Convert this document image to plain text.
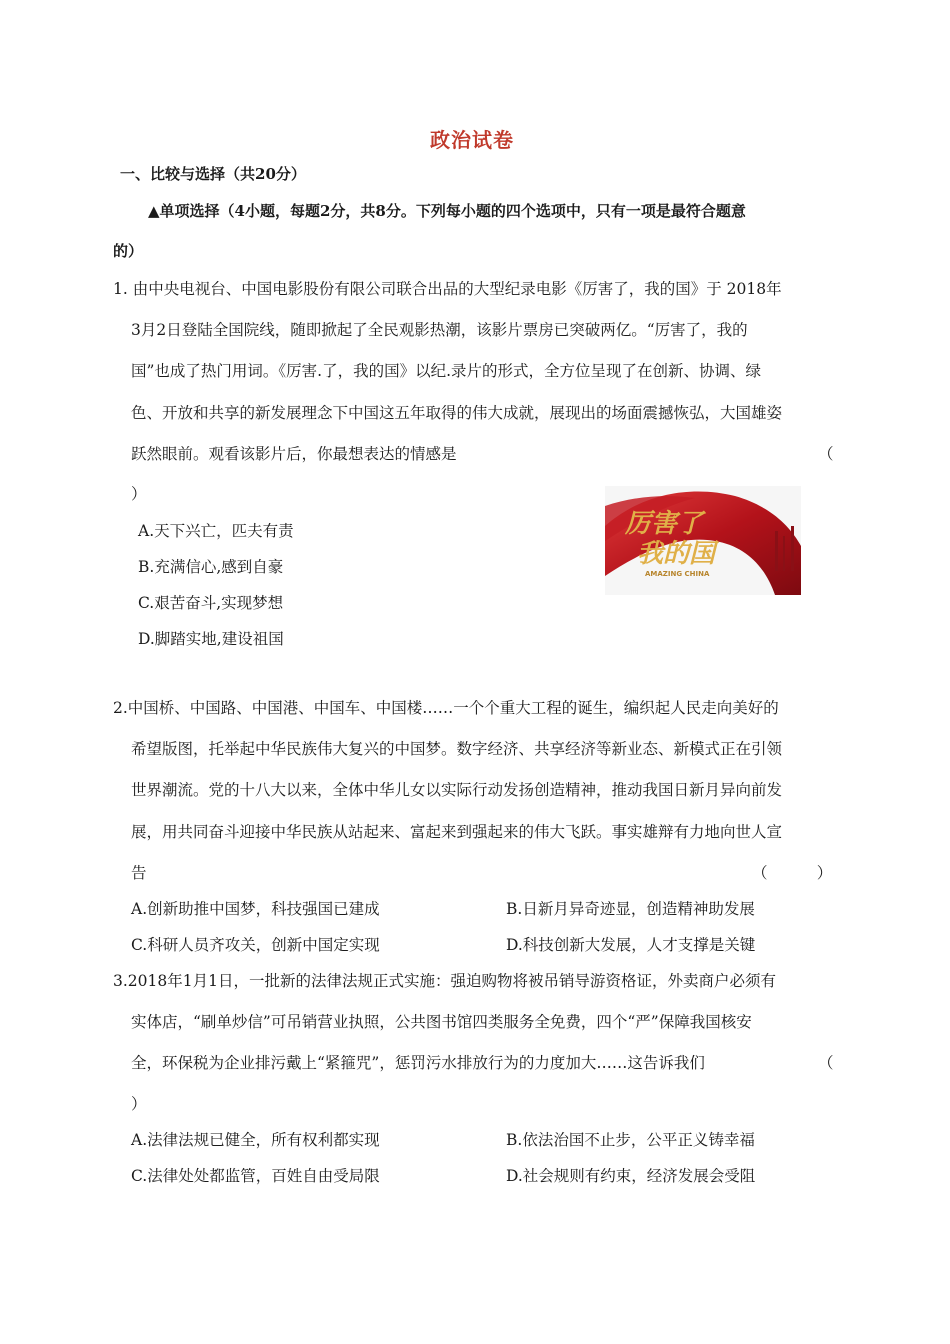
政治试卷
一、比较与选择（共20分）
▲单项选择（4小题，每题2分，共8分。下列每小题的四个选项中，只有一项是最符合题意
的）
1. 由中央电视台、中国电影股份有限公司联合出品的大型纪录电影《厉害了，我的国》于 2018年
3月2日登陆全国院线，随即掀起了全民观影热潮，该影片票房已突破两亿。“厉害了，我的
国”也成了热门用词。《厉害.了，我的国》以纪.录片的形式，全方位呈现了在创新、协调、绿
色、开放和共享的新发展理念下中国这五年取得的伟大成就，展现出的场面震撼恢弘，大国雄姿
跃然眼前。观看该影片后，你最想表达的情感是	（
）
A.天下兴亡，匹夫有责
B.充满信心,感到自豪
C.艰苦奋斗,实现梦想
D.脚踏实地,建设祖国
厉害了
我的国
AMAZING CHINA
2.中国桥、中国路、中国港、中国车、中国楼……一个个重大工程的诞生，编织起人民走向美好的
希望版图，托举起中华民族伟大复兴的中国梦。数字经济、共享经济等新业态、新模式正在引领
世界潮流。党的十八大以来，全体中华儿女以实际行动发扬创造精神，推动我国日新月异向前发
展，用共同奋斗迎接中华民族从站起来、富起来到强起来的伟大飞跃。事实雄辩有力地向世人宣
告	（          ）
A.创新助推中国梦，科技强国已建成	B.日新月异奇迹显，创造精神助发展
C.科研人员齐攻关，创新中国定实现	D.科技创新大发展，人才支撑是关键
3.2018年1月1日，一批新的法律法规正式实施：强迫购物将被吊销导游资格证，外卖商户必须有
实体店，“刷单炒信”可吊销营业执照，公共图书馆四类服务全免费，四个“严”保障我国核安
全，环保税为企业排污戴上“紧箍咒”，惩罚污水排放行为的力度加大……这告诉我们	（
）
A.法律法规已健全，所有权利都实现	B.依法治国不止步，公平正义铸幸福
C.法律处处都监管，百姓自由受局限	D.社会规则有约束，经济发展会受阻
